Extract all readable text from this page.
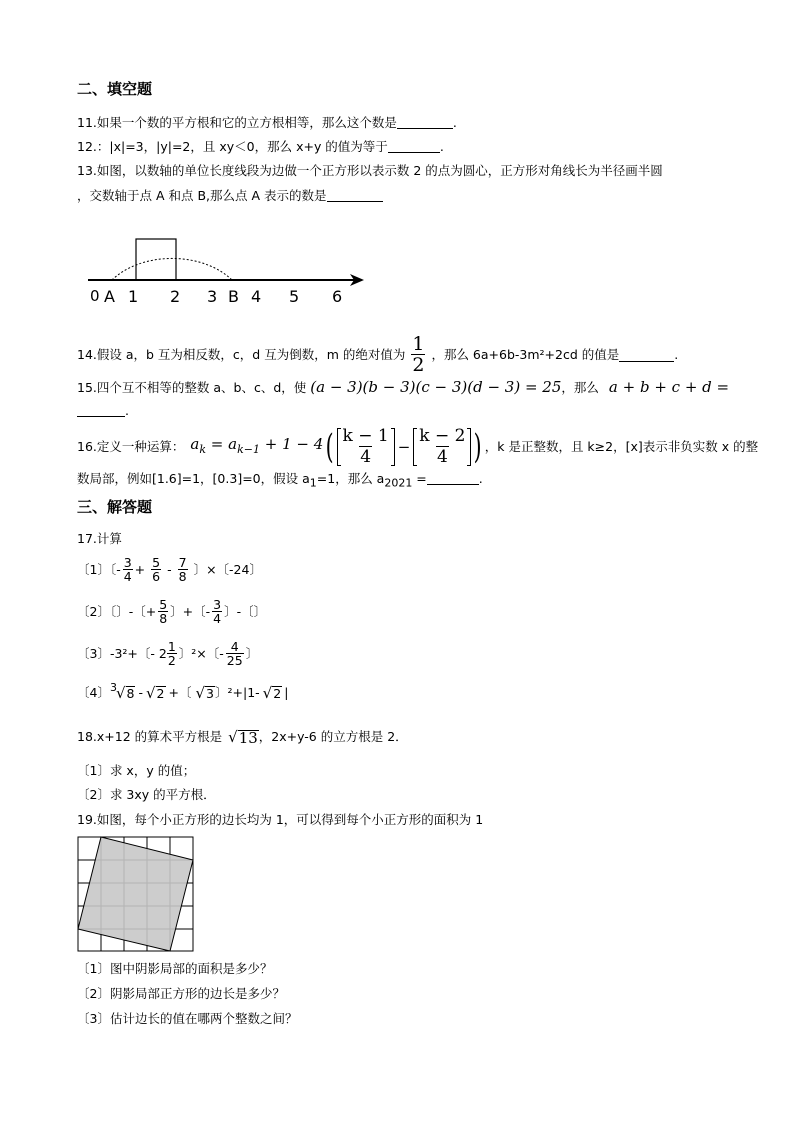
二、填空题
11.如果一个数的平方根和它的立方根相等，那么这个数是	.
12.：|x|=3，|y|=2，且 xy＜0，那么 x+y 的值为等于	.
13.如图，以数轴的单位长度线段为边做一个正方形以表示数 2 的点为圆心，正方形对角线长为半径画半圆
，交数轴于点 A 和点 B,那么点 A 表示的数是
0 A 1 2 3 B 4 5 6
14.假设 a，b 互为相反数，c，d 互为倒数，m 的绝对值为 $\frac{1}{2}$ ，那么 6a+6b-3m²+2cd 的值是	.
15.四个互不相等的整数 a、b、c、d，使 (a − 3)(b − 3)(c − 3)(d − 3) = 25，那么 a + b + c + d =
.
16.定义一种运算： $a_k = a_{k-1} + 1 - 4$ ( $\frac{k - 1}{4} - \frac{k - 2}{4}$ ) ，k 是正整数，且 k≥2，[x]表示非负实数 x 的整
数局部，例如[1.6]=1，[0.3]=0，假设 $a_1=1$，那么 $a_{2021}$ =	.
三、解答题
17.计算
〔1〕〔- $\frac{3}{4} + \frac{5}{6} - \frac{7}{8}$ 〕×〔-24〕
〔2〕〔〕-〔+ $\frac{5}{8}$ 〕+〔- $\frac{3}{4}$ 〕-〔〕
〔3〕-3²+〔- $2 \frac{1}{2}$ 〕²×〔- $\frac{4}{25}$ 〕
〔4〕$^3$ √ 8 - √ 2 +〔 √ 3 〕²+|1- √ 2 |
18.x+12 的算术平方根是 √ 13 ，2x+y-6 的立方根是 2．
〔1〕求 x，y 的值；
〔2〕求 3xy 的平方根．
19.如图，每个小正方形的边长均为 1，可以得到每个小正方形的面积为 1
〔1〕图中阴影局部的面积是多少？
〔2〕阴影局部正方形的边长是多少？
〔3〕估计边长的值在哪两个整数之间？
